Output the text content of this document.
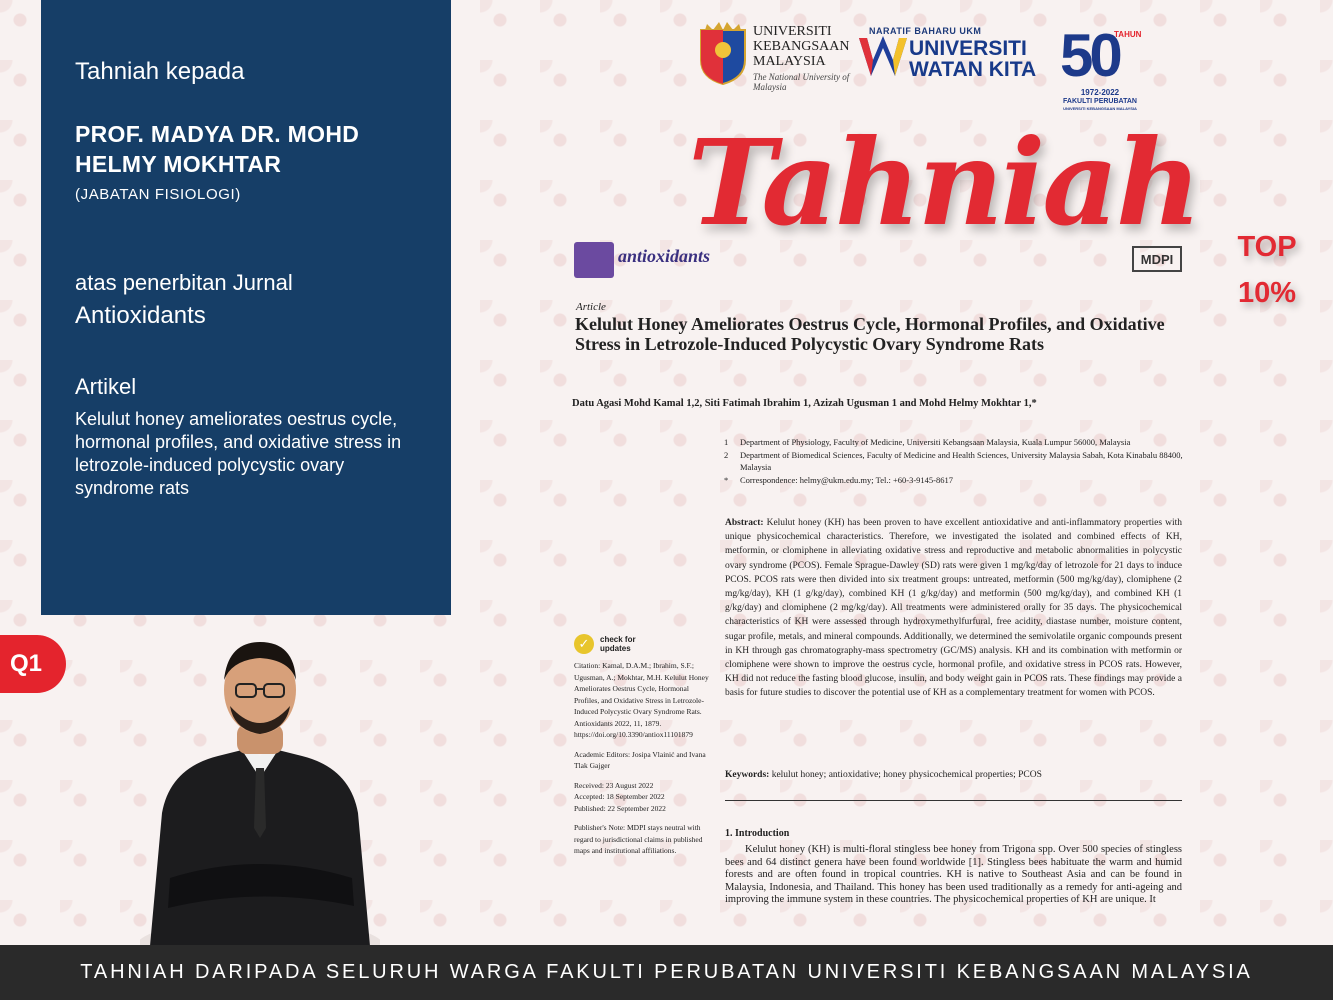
Tahniah kepada
PROF. MADYA DR. MOHD
HELMY MOKHTAR
(JABATAN FISIOLOGI)
atas penerbitan Jurnal
Antioxidants
Artikel
Kelulut honey ameliorates oestrus cycle, hormonal profiles, and oxidative stress in letrozole-induced polycystic ovary syndrome rats
Q1
UNIVERSITI
KEBANGSAAN
MALAYSIA
The National University of Malaysia
NARATIF BAHARU UKM
UNIVERSITI
WATAN KITA 50
TAHUN
1972-2022
FAKULTI PERUBATAN
UNIVERSITI KEBANGSAAN MALAYSIA
Tahniah	TOP
10%
antioxidants	MDPI
Article
Kelulut Honey Ameliorates Oestrus Cycle, Hormonal Profiles, and Oxidative Stress in Letrozole-Induced Polycystic Ovary Syndrome Rats
Datu Agasi Mohd Kamal 1,2, Siti Fatimah Ibrahim 1, Azizah Ugusman 1 and Mohd Helmy Mokhtar 1,*
1	Department of Physiology, Faculty of Medicine, Universiti Kebangsaan Malaysia, Kuala Lumpur 56000, Malaysia
2	Department of Biomedical Sciences, Faculty of Medicine and Health Sciences, University Malaysia Sabah, Kota Kinabalu 88400, Malaysia
*	Correspondence: helmy@ukm.edu.my; Tel.: +60-3-9145-8617
Abstract: Kelulut honey (KH) has been proven to have excellent antioxidative and anti-inflammatory properties with unique physicochemical characteristics. Therefore, we investigated the isolated and combined effects of KH, metformin, or clomiphene in alleviating oxidative stress and reproductive and metabolic abnormalities in polycystic ovary syndrome (PCOS). Female Sprague-Dawley (SD) rats were given 1 mg/kg/day of letrozole for 21 days to induce PCOS. PCOS rats were then divided into six treatment groups: untreated, metformin (500 mg/kg/day), clomiphene (2 mg/kg/day), KH (1 g/kg/day), combined KH (1 g/kg/day) and metformin (500 mg/kg/day), and combined KH (1 g/kg/day) and clomiphene (2 mg/kg/day). All treatments were administered orally for 35 days. The physicochemical characteristics of KH were assessed through hydroxymethylfurfural, free acidity, diastase number, moisture content, sugar profile, metals, and mineral compounds. Additionally, we determined the semivolatile organic compounds present in KH through gas chromatography-mass spectrometry (GC/MS) analysis. KH and its combination with metformin or clomiphene were shown to improve the oestrus cycle, hormonal profile, and oxidative stress in PCOS rats. However, KH did not reduce the fasting blood glucose, insulin, and body weight gain in PCOS rats. These findings may provide a basis for future studies to discover the potential use of KH as a complementary treatment for women with PCOS.
Keywords: kelulut honey; antioxidative; honey physicochemical properties; PCOS
1. Introduction
Kelulut honey (KH) is multi-floral stingless bee honey from Trigona spp. Over 500 species of stingless bees and 64 distinct genera have been found worldwide [1]. Stingless bees habituate the warm and humid forests and are often found in tropical countries. KH is native to Southeast Asia and can be found in Malaysia, Indonesia, and Thailand. This honey has been used traditionally as a remedy for anti-ageing and improving the immune system in these countries. The physicochemical properties of KH are unique. It
✓	check for updates

Citation: Kamal, D.A.M.; Ibrahim, S.F.; Ugusman, A.; Mokhtar, M.H. Kelulut Honey Ameliorates Oestrus Cycle, Hormonal Profiles, and Oxidative Stress in Letrozole-Induced Polycystic Ovary Syndrome Rats. Antioxidants 2022, 11, 1879. https://doi.org/10.3390/antiox11101879

Academic Editors: Josipa Vlainić and Ivana Tlak Gajger

Received: 23 August 2022
Accepted: 18 September 2022

Published: 22 September 2022

Publisher's Note: MDPI stays neutral with regard to jurisdictional claims in published maps and institutional affiliations.

TAHNIAH DARIPADA SELURUH WARGA FAKULTI PERUBATAN UNIVERSITI KEBANGSAAN MALAYSIA
